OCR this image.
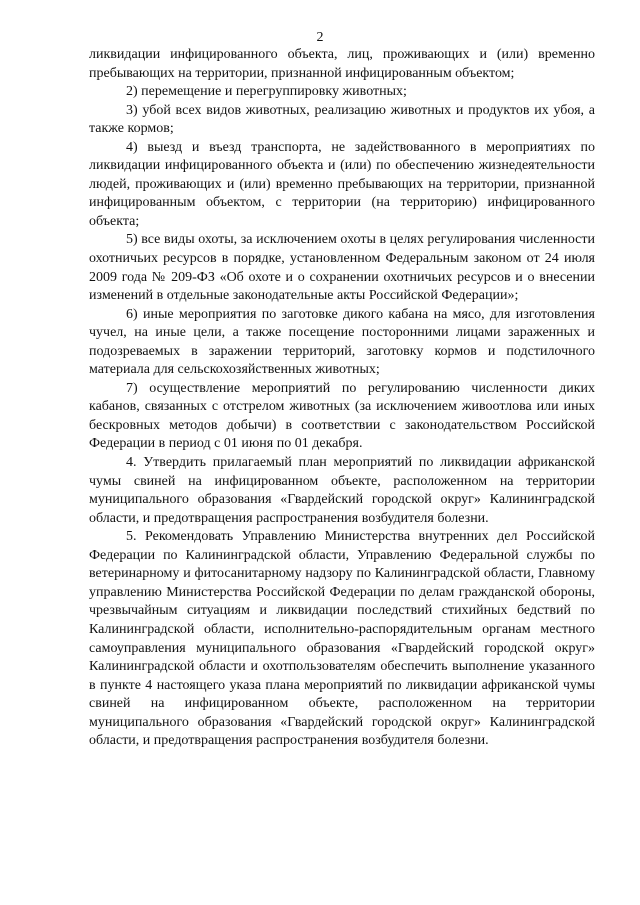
2

ликвидации инфицированного объекта, лиц, проживающих и (или) временно пребывающих на территории, признанной инфицированным объектом;

2) перемещение и перегруппировку животных;

3) убой всех видов животных, реализацию животных и продуктов их убоя, а также кормов;

4) выезд и въезд транспорта, не задействованного в мероприятиях по ликвидации инфицированного объекта и (или) по обеспечению жизнедеятельности людей, проживающих и (или) временно пребывающих на территории, признанной инфицированным объектом, с территории (на территорию) инфицированного объекта;

5) все виды охоты, за исключением охоты в целях регулирования численности охотничьих ресурсов в порядке, установленном Федеральным законом от 24 июля 2009 года № 209-ФЗ «Об охоте и о сохранении охотничьих ресурсов и о внесении изменений в отдельные законодательные акты Российской Федерации»;

6) иные мероприятия по заготовке дикого кабана на мясо, для изготовления чучел, на иные цели, а также посещение посторонними лицами зараженных и подозреваемых в заражении территорий, заготовку кормов и подстилочного материала для сельскохозяйственных животных;

7) осуществление мероприятий по регулированию численности диких кабанов, связанных с отстрелом животных (за исключением живоотлова или иных бескровных методов добычи) в соответствии с законодательством Российской Федерации в период с 01 июня по 01 декабря.

4. Утвердить прилагаемый план мероприятий по ликвидации африканской чумы свиней на инфицированном объекте, расположенном на территории муниципального образования «Гвардейский городской округ» Калининградской области, и предотвращения распространения возбудителя болезни.

5. Рекомендовать Управлению Министерства внутренних дел Российской Федерации по Калининградской области, Управлению Федеральной службы по ветеринарному и фитосанитарному надзору по Калининградской области, Главному управлению Министерства Российской Федерации по делам гражданской обороны, чрезвычайным ситуациям и ликвидации последствий стихийных бедствий по Калининградской области, исполнительно-распорядительным органам местного самоуправления муниципального образования «Гвардейский городской округ» Калининградской области и охотпользователям обеспечить выполнение указанного в пункте 4 настоящего указа плана мероприятий по ликвидации африканской чумы свиней на инфицированном объекте, расположенном на территории муниципального образования «Гвардейский городской округ» Калининградской области, и предотвращения распространения возбудителя болезни.
